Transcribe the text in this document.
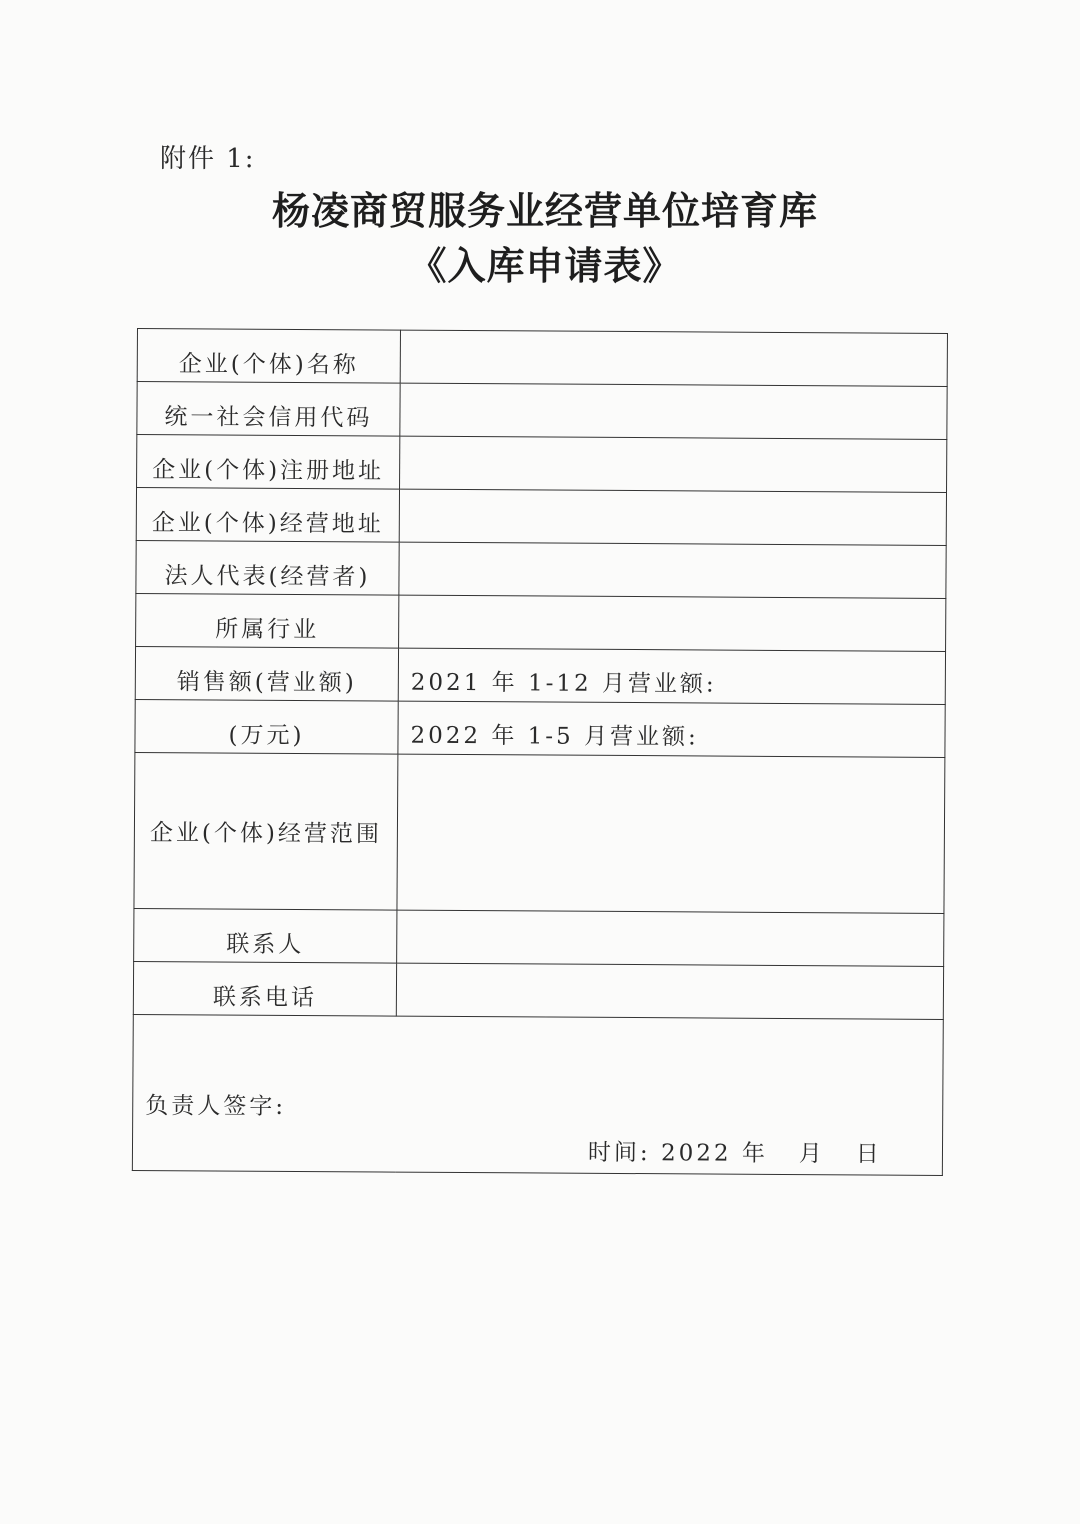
附件 1:
杨凌商贸服务业经营单位培育库
《入库申请表》
企业(个体)名称	
统一社会信用代码	
企业(个体)注册地址	
企业(个体)经营地址	
法人代表(经营者)	
所属行业	
销售额(营业额)	2021 年 1-12 月营业额:
(万元)	2022 年 1-5 月营业额:
企业(个体)经营范围	
联系人	
联系电话	

负责人签字:
时间: 2022 年   月   日	
